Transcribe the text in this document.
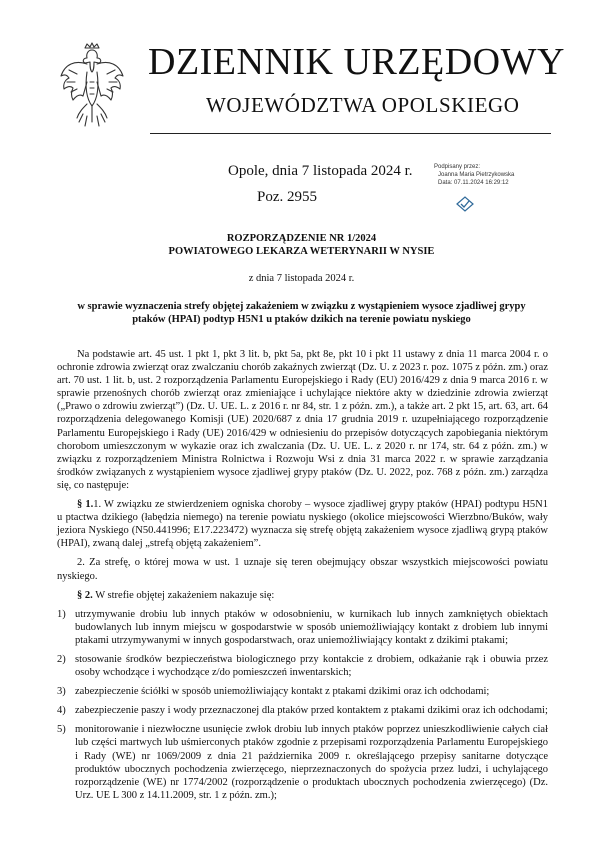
DZIENNIK URZĘDOWY
WOJEWÓDZTWA OPOLSKIEGO
Opole, dnia 7 listopada 2024 r.
Poz. 2955
Podpisany przez:
Joanna Maria Pietrzykowska
Data: 07.11.2024 16:29:12
ROZPORZĄDZENIE NR 1/2024
POWIATOWEGO LEKARZA WETERYNARII W NYSIE
z dnia 7 listopada 2024 r.
w sprawie wyznaczenia strefy objętej zakażeniem w związku z wystąpieniem wysoce zjadliwej grypy ptaków (HPAI) podtyp H5N1 u ptaków dzikich na terenie powiatu nyskiego

Na podstawie art. 45 ust. 1 pkt 1, pkt 3 lit. b, pkt 5a, pkt 8e, pkt 10 i pkt 11 ustawy z dnia 11 marca 2004 r. o ochronie zdrowia zwierząt oraz zwalczaniu chorób zakaźnych zwierząt (Dz. U. z 2023 r. poz. 1075 z późn. zm.) oraz art. 70 ust. 1 lit. b, ust. 2 rozporządzenia Parlamentu Europejskiego i Rady (EU) 2016/429 z dnia 9 marca 2016 r. w sprawie przenośnych chorób zwierząt oraz zmieniające i uchylające niektóre akty w dziedzinie zdrowia zwierząt („Prawo o zdrowiu zwierząt”) (Dz. U. UE. L. z 2016 r. nr 84, str. 1 z późn. zm.), a także art. 2 pkt 15, art. 63, art. 64 rozporządzenia delegowanego Komisji (UE) 2020/687 z dnia 17 grudnia 2019 r. uzupełniającego rozporządzenie Parlamentu Europejskiego i Rady (UE) 2016/429 w odniesieniu do przepisów dotyczących zapobiegania niektórym chorobom umieszczonym w wykazie oraz ich zwalczania (Dz. U. UE. L. z 2020 r. nr 174, str. 64 z późn. zm.) w związku z rozporządzeniem Ministra Rolnictwa i Rozwoju Wsi z dnia 31 marca 2022 r. w sprawie zarządzania środków związanych z wystąpieniem wysoce zjadliwej grypy ptaków (Dz. U. 2022, poz. 768 z późn. zm.) zarządza się, co następuje:

§ 1.1. W związku ze stwierdzeniem ogniska choroby – wysoce zjadliwej grypy ptaków (HPAI) podtypu H5N1 u ptactwa dzikiego (łabędzia niemego) na terenie powiatu nyskiego (okolice miejscowości Wierzbno/Buków, wały jeziora Nyskiego (N50.441996; E17.223472) wyznacza się strefę objętą zakażeniem wysoce zjadliwą grypą ptaków (HPAI), zwaną dalej „strefą objętą zakażeniem”.

2. Za strefę, o której mowa w ust. 1 uznaje się teren obejmujący obszar wszystkich miejscowości powiatu nyskiego.

§ 2. W strefie objętej zakażeniem nakazuje się:

1) utrzymywanie drobiu lub innych ptaków w odosobnieniu, w kurnikach lub innych zamkniętych obiektach budowlanych lub innym miejscu w gospodarstwie w sposób uniemożliwiający kontakt z drobiem lub innymi ptakami utrzymywanymi w innych gospodarstwach, oraz uniemożliwiający kontakt z dzikimi ptakami;
2) stosowanie środków bezpieczeństwa biologicznego przy kontakcie z drobiem, odkażanie rąk i obuwia przez osoby wchodzące i wychodzące z/do pomieszczeń inwentarskich;
3) zabezpieczenie ściółki w sposób uniemożliwiający kontakt z ptakami dzikimi oraz ich odchodami;
4) zabezpieczenie paszy i wody przeznaczonej dla ptaków przed kontaktem z ptakami dzikimi oraz ich odchodami;
5) monitorowanie i niezwłoczne usunięcie zwłok drobiu lub innych ptaków poprzez unieszkodliwienie całych ciał lub części martwych lub uśmierconych ptaków zgodnie z przepisami rozporządzenia Parlamentu Europejskiego i Rady (WE) nr 1069/2009 z dnia 21 października 2009 r. określającego przepisy sanitarne dotyczące produktów ubocznych pochodzenia zwierzęcego, nieprzeznaczonych do spożycia przez ludzi, i uchylającego rozporządzenie (WE) nr 1774/2002 (rozporządzenie o produktach ubocznych pochodzenia zwierzęcego) (Dz. Urz. UE L 300 z 14.11.2009, str. 1 z późn. zm.);
